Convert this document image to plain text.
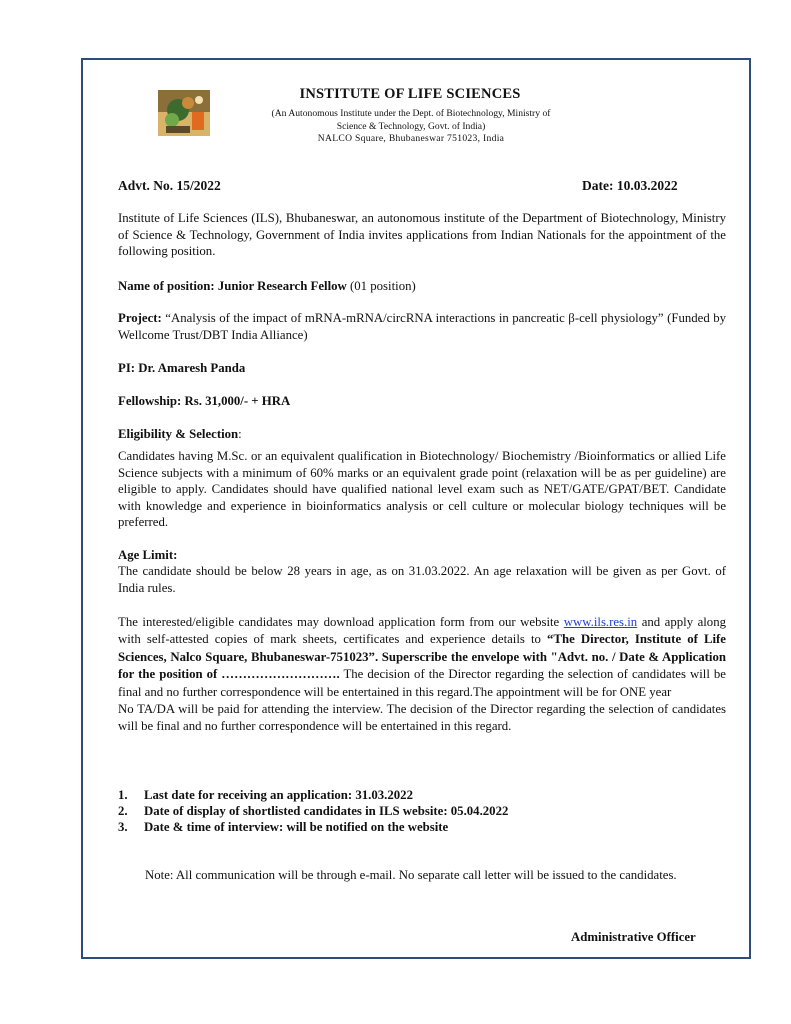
INSTITUTE OF LIFE SCIENCES
(An Autonomous Institute under the Dept. of Biotechnology, Ministry of
Science & Technology, Govt. of India)
NALCO Square, Bhubaneswar 751023, India
Advt. No. 15/2022	Date: 10.03.2022
Institute of Life Sciences (ILS), Bhubaneswar, an autonomous institute of the Department of Biotechnology, Ministry of Science & Technology, Government of India invites applications from Indian Nationals for the appointment of the following position.
Name of position: Junior Research Fellow (01 position)
Project: “Analysis of the impact of mRNA-mRNA/circRNA interactions in pancreatic β-cell physiology” (Funded by Wellcome Trust/DBT India Alliance)
PI: Dr. Amaresh Panda
Fellowship: Rs. 31,000/- + HRA
Eligibility & Selection:
Candidates having M.Sc. or an equivalent qualification in Biotechnology/ Biochemistry /Bioinformatics or allied Life Science subjects with a minimum of 60% marks or an equivalent grade point (relaxation will be as per guideline) are eligible to apply. Candidates should have qualified national level exam such as NET/GATE/GPAT/BET. Candidate with knowledge and experience in bioinformatics analysis or cell culture or molecular biology techniques will be preferred.
Age Limit:
The candidate should be below 28 years in age, as on 31.03.2022. An age relaxation will be given as per Govt. of India rules.
The interested/eligible candidates may download application form from our website www.ils.res.in and apply along with self-attested copies of mark sheets, certificates and experience details to “The Director, Institute of Life Sciences, Nalco Square, Bhubaneswar-751023”. Superscribe the envelope with "Advt. no. / Date & Application for the position of ………………………. The decision of the Director regarding the selection of candidates will be final and no further correspondence will be entertained in this regard.The appointment will be for ONE year
No TA/DA will be paid for attending the interview. The decision of the Director regarding the selection of candidates will be final and no further correspondence will be entertained in this regard.
1. Last date for receiving an application: 31.03.2022
2. Date of display of shortlisted candidates in ILS website: 05.04.2022
3. Date & time of interview: will be notified on the website
Note: All communication will be through e-mail. No separate call letter will be issued to the candidates.
Administrative Officer
